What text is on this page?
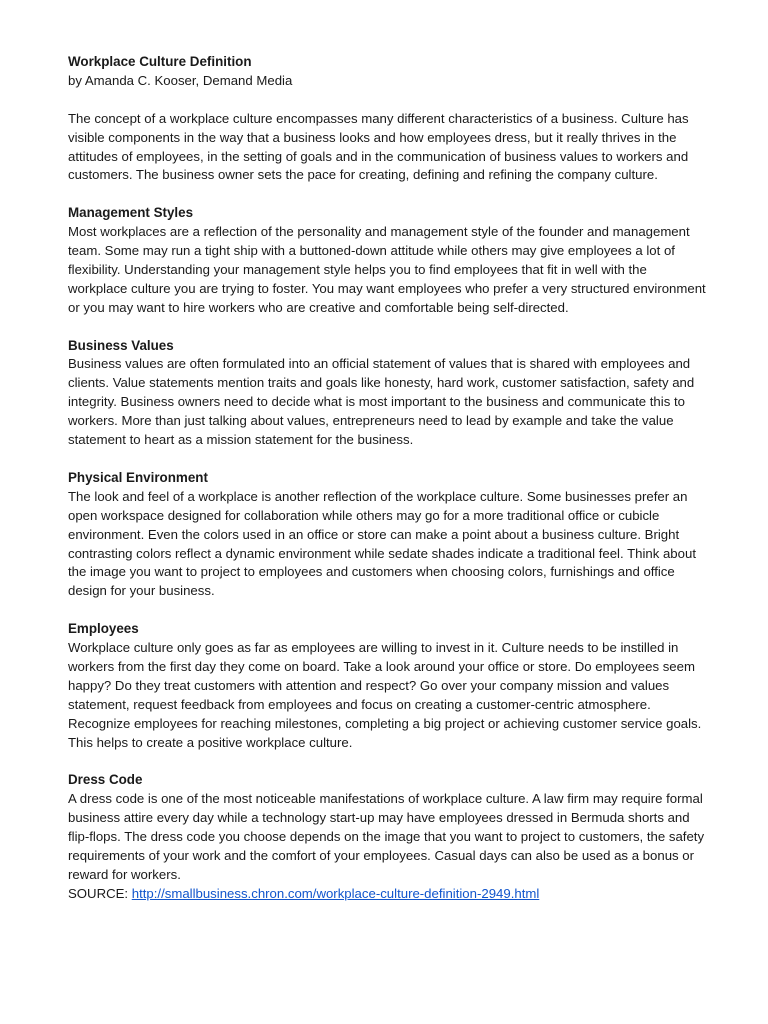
Workplace Culture Definition

by Amanda C. Kooser, Demand Media

The concept of a workplace culture encompasses many different characteristics of a business. Culture has visible components in the way that a business looks and how employees dress, but it really thrives in the attitudes of employees, in the setting of goals and in the communication of business values to workers and customers. The business owner sets the pace for creating, defining and refining the company culture.

Management Styles

Most workplaces are a reflection of the personality and management style of the founder and management team. Some may run a tight ship with a buttoned-down attitude while others may give employees a lot of flexibility. Understanding your management style helps you to find employees that fit in well with the workplace culture you are trying to foster. You may want employees who prefer a very structured environment or you may want to hire workers who are creative and comfortable being self-directed.

Business Values

Business values are often formulated into an official statement of values that is shared with employees and clients. Value statements mention traits and goals like honesty, hard work, customer satisfaction, safety and integrity. Business owners need to decide what is most important to the business and communicate this to workers. More than just talking about values, entrepreneurs need to lead by example and take the value statement to heart as a mission statement for the business.

Physical Environment

The look and feel of a workplace is another reflection of the workplace culture. Some businesses prefer an open workspace designed for collaboration while others may go for a more traditional office or cubicle environment. Even the colors used in an office or store can make a point about a business culture. Bright contrasting colors reflect a dynamic environment while sedate shades indicate a traditional feel. Think about the image you want to project to employees and customers when choosing colors, furnishings and office design for your business.

Employees

Workplace culture only goes as far as employees are willing to invest in it. Culture needs to be instilled in workers from the first day they come on board. Take a look around your office or store. Do employees seem happy? Do they treat customers with attention and respect? Go over your company mission and values statement, request feedback from employees and focus on creating a customer-centric atmosphere. Recognize employees for reaching milestones, completing a big project or achieving customer service goals. This helps to create a positive workplace culture.

Dress Code

A dress code is one of the most noticeable manifestations of workplace culture. A law firm may require formal business attire every day while a technology start-up may have employees dressed in Bermuda shorts and flip-flops. The dress code you choose depends on the image that you want to project to customers, the safety requirements of your work and the comfort of your employees. Casual days can also be used as a bonus or reward for workers.

SOURCE: http://smallbusiness.chron.com/workplace-culture-definition-2949.html
